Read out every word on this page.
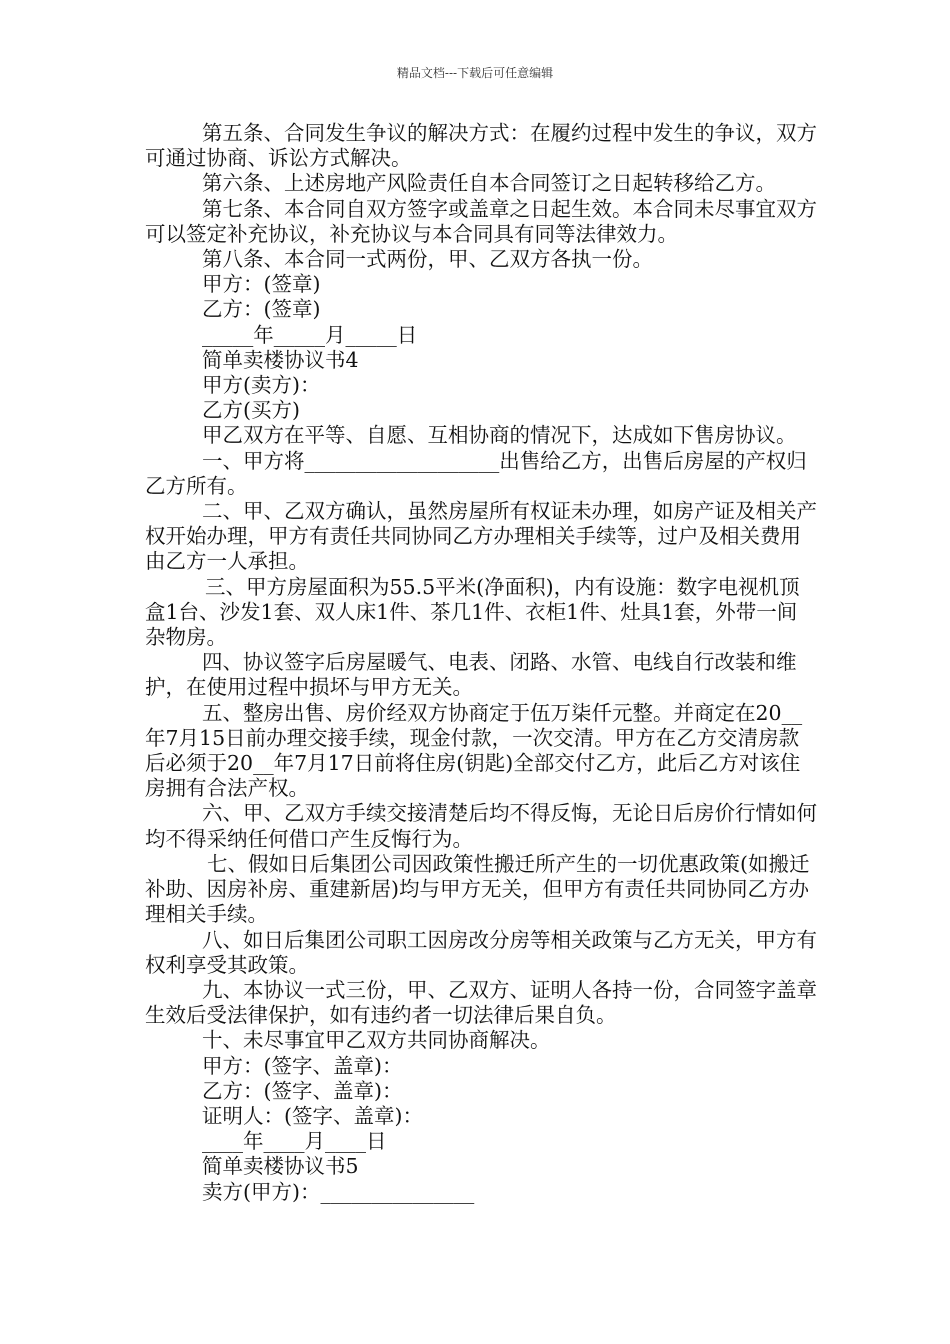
精品文档---下载后可任意编辑

第五条、合同发生争议的解决方式：在履约过程中发生的争议，双方可通过协商、诉讼方式解决。

第六条、上述房地产风险责任自本合同签订之日起转移给乙方。

第七条、本合同自双方签字或盖章之日起生效。本合同未尽事宜双方可以签定补充协议，补充协议与本合同具有同等法律效力。

第八条、本合同一式两份，甲、乙双方各执一份。

甲方：(签章)
乙方：(签章)
_____年_____月_____日
简单卖楼协议书4
甲方(卖方)：
乙方(买方)

甲乙双方在平等、自愿、互相协商的情况下，达成如下售房协议。

一、甲方将___________________出售给乙方，出售后房屋的产权归乙方所有。

二、甲、乙双方确认，虽然房屋所有权证未办理，如房产证及相关产权开始办理，甲方有责任共同协同乙方办理相关手续等，过户及相关费用由乙方一人承担。

三、甲方房屋面积为55.5平米(净面积)，内有设施：数字电视机顶盒1台、沙发1套、双人床1件、茶几1件、衣柜1件、灶具1套，外带一间杂物房。

四、协议签字后房屋暖气、电表、闭路、水管、电线自行改装和维护，在使用过程中损坏与甲方无关。

五、整房出售、房价经双方协商定于伍万柒仟元整。并商定在20__年7月15日前办理交接手续，现金付款，一次交清。甲方在乙方交清房款后必须于20__年7月17日前将住房(钥匙)全部交付乙方，此后乙方对该住房拥有合法产权。

六、甲、乙双方手续交接清楚后均不得反悔，无论日后房价行情如何均不得采纳任何借口产生反悔行为。

七、假如日后集团公司因政策性搬迁所产生的一切优惠政策(如搬迁补助、因房补房、重建新居)均与甲方无关，但甲方有责任共同协同乙方办理相关手续。

八、如日后集团公司职工因房改分房等相关政策与乙方无关，甲方有权利享受其政策。

九、本协议一式三份，甲、乙双方、证明人各持一份，合同签字盖章生效后受法律保护，如有违约者一切法律后果自负。

十、未尽事宜甲乙双方共同协商解决。

甲方：(签字、盖章)：
乙方：(签字、盖章)：
证明人：(签字、盖章)：
____年____月____日
简单卖楼协议书5
卖方(甲方)：_______________
